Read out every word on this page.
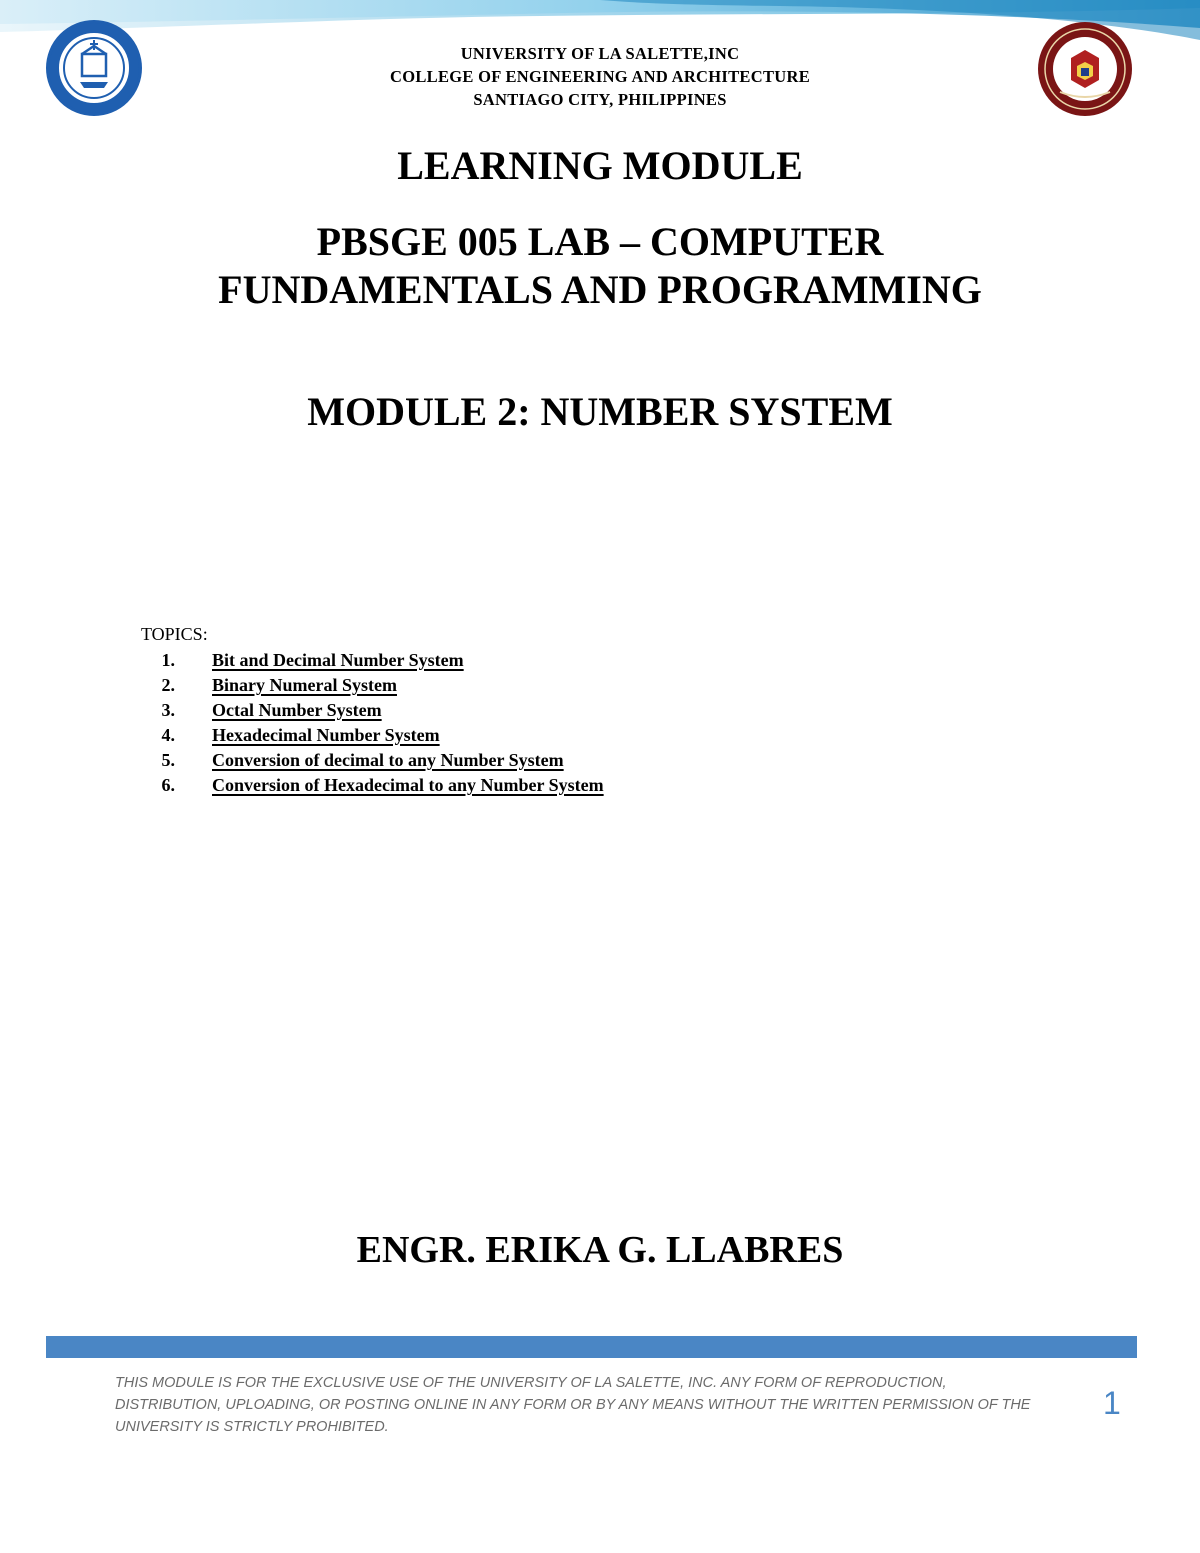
UNIVERSITY OF LA SALETTE,INC
COLLEGE OF ENGINEERING AND ARCHITECTURE
SANTIAGO CITY, PHILIPPINES
LEARNING MODULE
PBSGE 005 LAB – COMPUTER
FUNDAMENTALS AND PROGRAMMING
MODULE 2: NUMBER SYSTEM
TOPICS:
1.	Bit and Decimal Number System
2.	Binary Numeral System
3.	Octal Number System
4.	Hexadecimal Number System
5.	Conversion of decimal to any Number System
6.	Conversion of Hexadecimal to any Number System
ENGR. ERIKA G. LLABRES
THIS MODULE IS FOR THE EXCLUSIVE USE OF THE UNIVERSITY OF LA SALETTE, INC. ANY FORM OF REPRODUCTION, DISTRIBUTION, UPLOADING, OR POSTING ONLINE IN ANY FORM OR BY ANY MEANS WITHOUT THE WRITTEN PERMISSION OF THE UNIVERSITY IS STRICTLY PROHIBITED.
1
